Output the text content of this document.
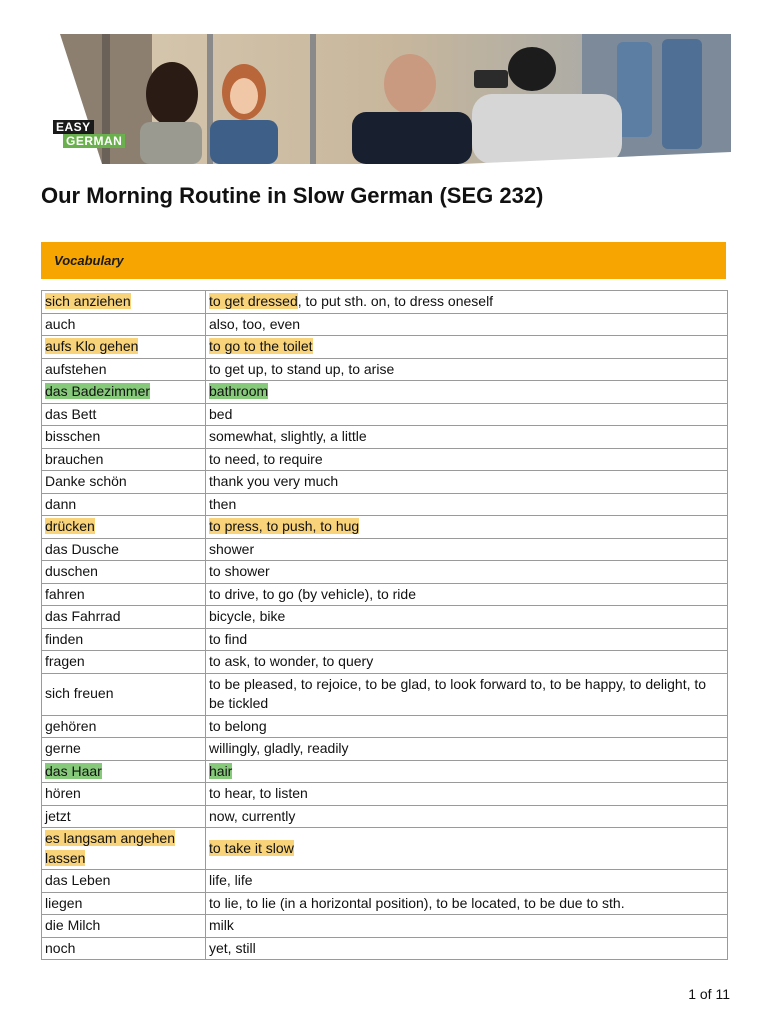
EASY
GERMAN
Our Morning Routine in Slow German (SEG 232)
Vocabulary
sich anziehen	to get dressed, to put sth. on, to dress oneself
auch	also, too, even
aufs Klo gehen	to go to the toilet
aufstehen	to get up, to stand up, to arise
das Badezimmer	bathroom
das Bett	bed
bisschen	somewhat, slightly, a little
brauchen	to need, to require
Danke schön	thank you very much
dann	then
drücken	to press, to push, to hug
das Dusche	shower
duschen	to shower
fahren	to drive, to go (by vehicle), to ride
das Fahrrad	bicycle, bike
finden	to find
fragen	to ask, to wonder, to query
sich freuen	to be pleased, to rejoice, to be glad, to look forward to, to be happy, to delight, to be tickled
gehören	to belong
gerne	willingly, gladly, readily
das Haar	hair
hören	to hear, to listen
jetzt	now, currently
es langsam angehen lassen	to take it slow
das Leben	life, life
liegen	to lie, to lie (in a horizontal position), to be located, to be due to sth.
die Milch	milk
noch	yet, still
1 of 11
